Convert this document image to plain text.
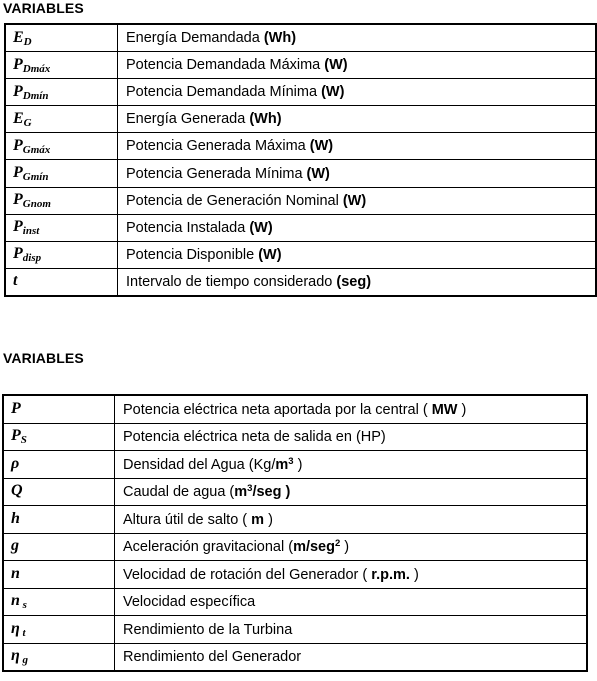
VARIABLES
$E_D$	Energía Demandada (Wh)
$P_{Dmáx}$	Potencia Demandada Máxima (W)
$P_{Dmín}$	Potencia Demandada Mínima (W)
$E_G$	Energía Generada (Wh)
$P_{Gmáx}$	Potencia Generada Máxima (W)
$P_{Gmín}$	Potencia Generada Mínima (W)
$P_{Gnom}$	Potencia de Generación Nominal (W)
$P_{inst}$	Potencia Instalada (W)
$P_{disp}$	Potencia Disponible (W)
t	Intervalo de tiempo considerado (seg)
VARIABLES
P	Potencia eléctrica neta aportada por la central ( MW )
$P_S$	Potencia eléctrica neta de salida en (HP)
ρ	Densidad del Agua ($Kg/m^3$ )
Q	Caudal de agua ($m^3$/seg )
h	Altura útil de salto ( m )
g	Aceleración gravitacional (m/seg$^2$ )
n	Velocidad de rotación del Generador ( r.p.m. )
n $_s$	Velocidad específica
η $_t$	Rendimiento de la Turbina
η $_g$	Rendimiento del Generador
